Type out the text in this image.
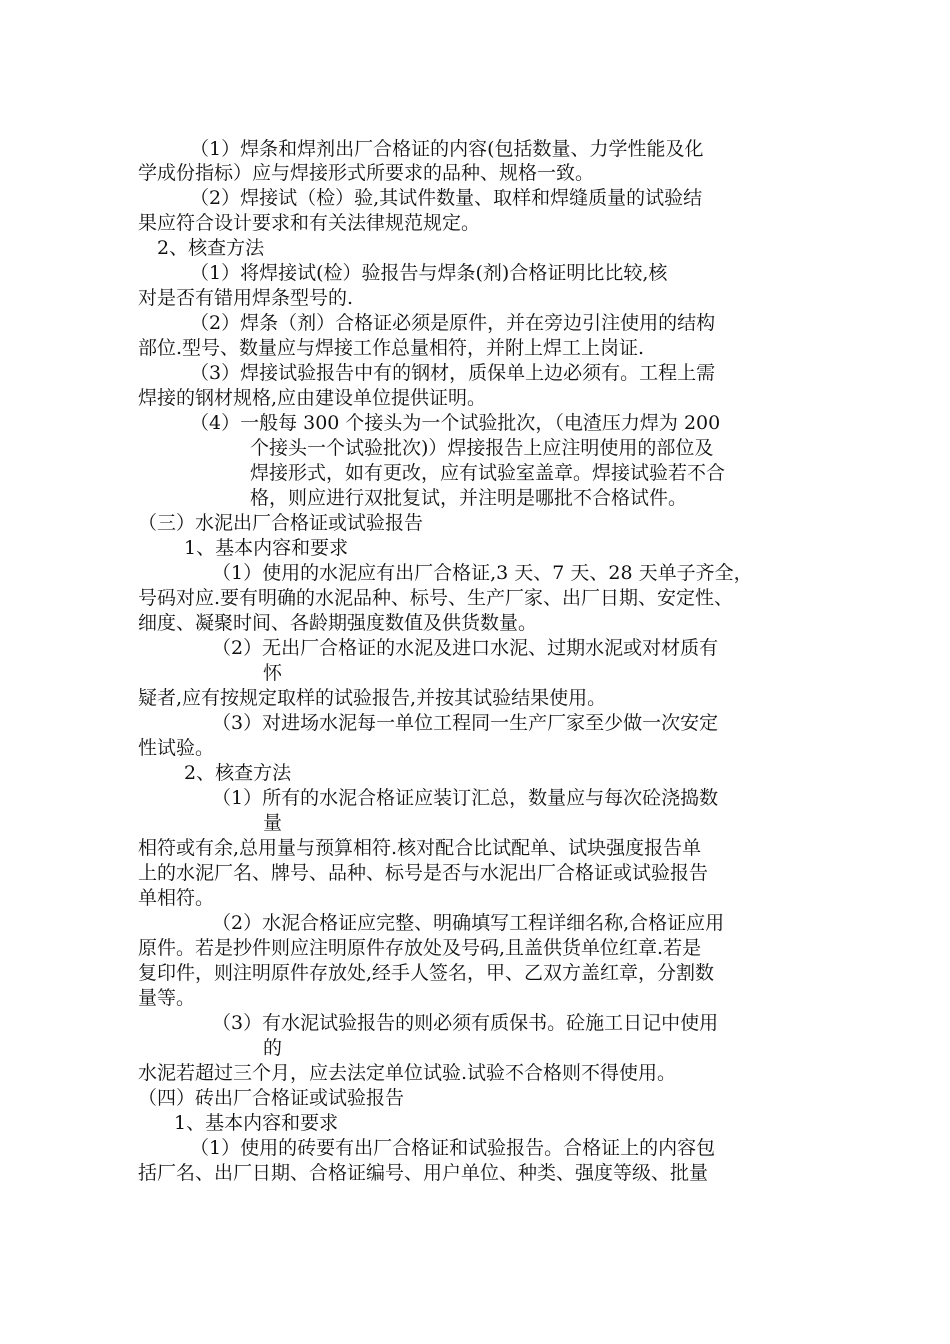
（1）焊条和焊剂出厂合格证的内容(包括数量、力学性能及化
学成份指标）应与焊接形式所要求的品种、规格一致。
（2）焊接试（检）验,其试件数量、取样和焊缝质量的试验结
果应符合设计要求和有关法律规范规定。
2、核查方法
（1）将焊接试(检）验报告与焊条(剂)合格证明比比较,核
对是否有错用焊条型号的.
（2）焊条（剂）合格证必须是原件，并在旁边引注使用的结构
部位.型号、数量应与焊接工作总量相符，并附上焊工上岗证.
（3）焊接试验报告中有的钢材，质保单上边必须有。工程上需
焊接的钢材规格,应由建设单位提供证明。
（4）一般每 300 个接头为一个试验批次，（电渣压力焊为 200
个接头一个试验批次)）焊接报告上应注明使用的部位及
焊接形式，如有更改，应有试验室盖章。焊接试验若不合
格，则应进行双批复试，并注明是哪批不合格试件。
（三）水泥出厂合格证或试验报告
1、基本内容和要求
（1）使用的水泥应有出厂合格证,3 天、7 天、28 天单子齐全，
号码对应.要有明确的水泥品种、标号、生产厂家、出厂日期、安定性、
细度、凝聚时间、各龄期强度数值及供货数量。
（2）无出厂合格证的水泥及进口水泥、过期水泥或对材质有
怀
疑者,应有按规定取样的试验报告,并按其试验结果使用。
（3）对进场水泥每一单位工程同一生产厂家至少做一次安定
性试验。
2、核查方法
（1）所有的水泥合格证应装订汇总，数量应与每次砼浇捣数
量
相符或有余,总用量与预算相符.核对配合比试配单、试块强度报告单
上的水泥厂名、牌号、品种、标号是否与水泥出厂合格证或试验报告
单相符。
（2）水泥合格证应完整、明确填写工程详细名称,合格证应用
原件。若是抄件则应注明原件存放处及号码,且盖供货单位红章.若是
复印件，则注明原件存放处,经手人签名，甲、乙双方盖红章，分割数
量等。
（3）有水泥试验报告的则必须有质保书。砼施工日记中使用
的
水泥若超过三个月，应去法定单位试验.试验不合格则不得使用。
（四）砖出厂合格证或试验报告
1、基本内容和要求
（1）使用的砖要有出厂合格证和试验报告。合格证上的内容包
括厂名、出厂日期、合格证编号、用户单位、种类、强度等级、批量
